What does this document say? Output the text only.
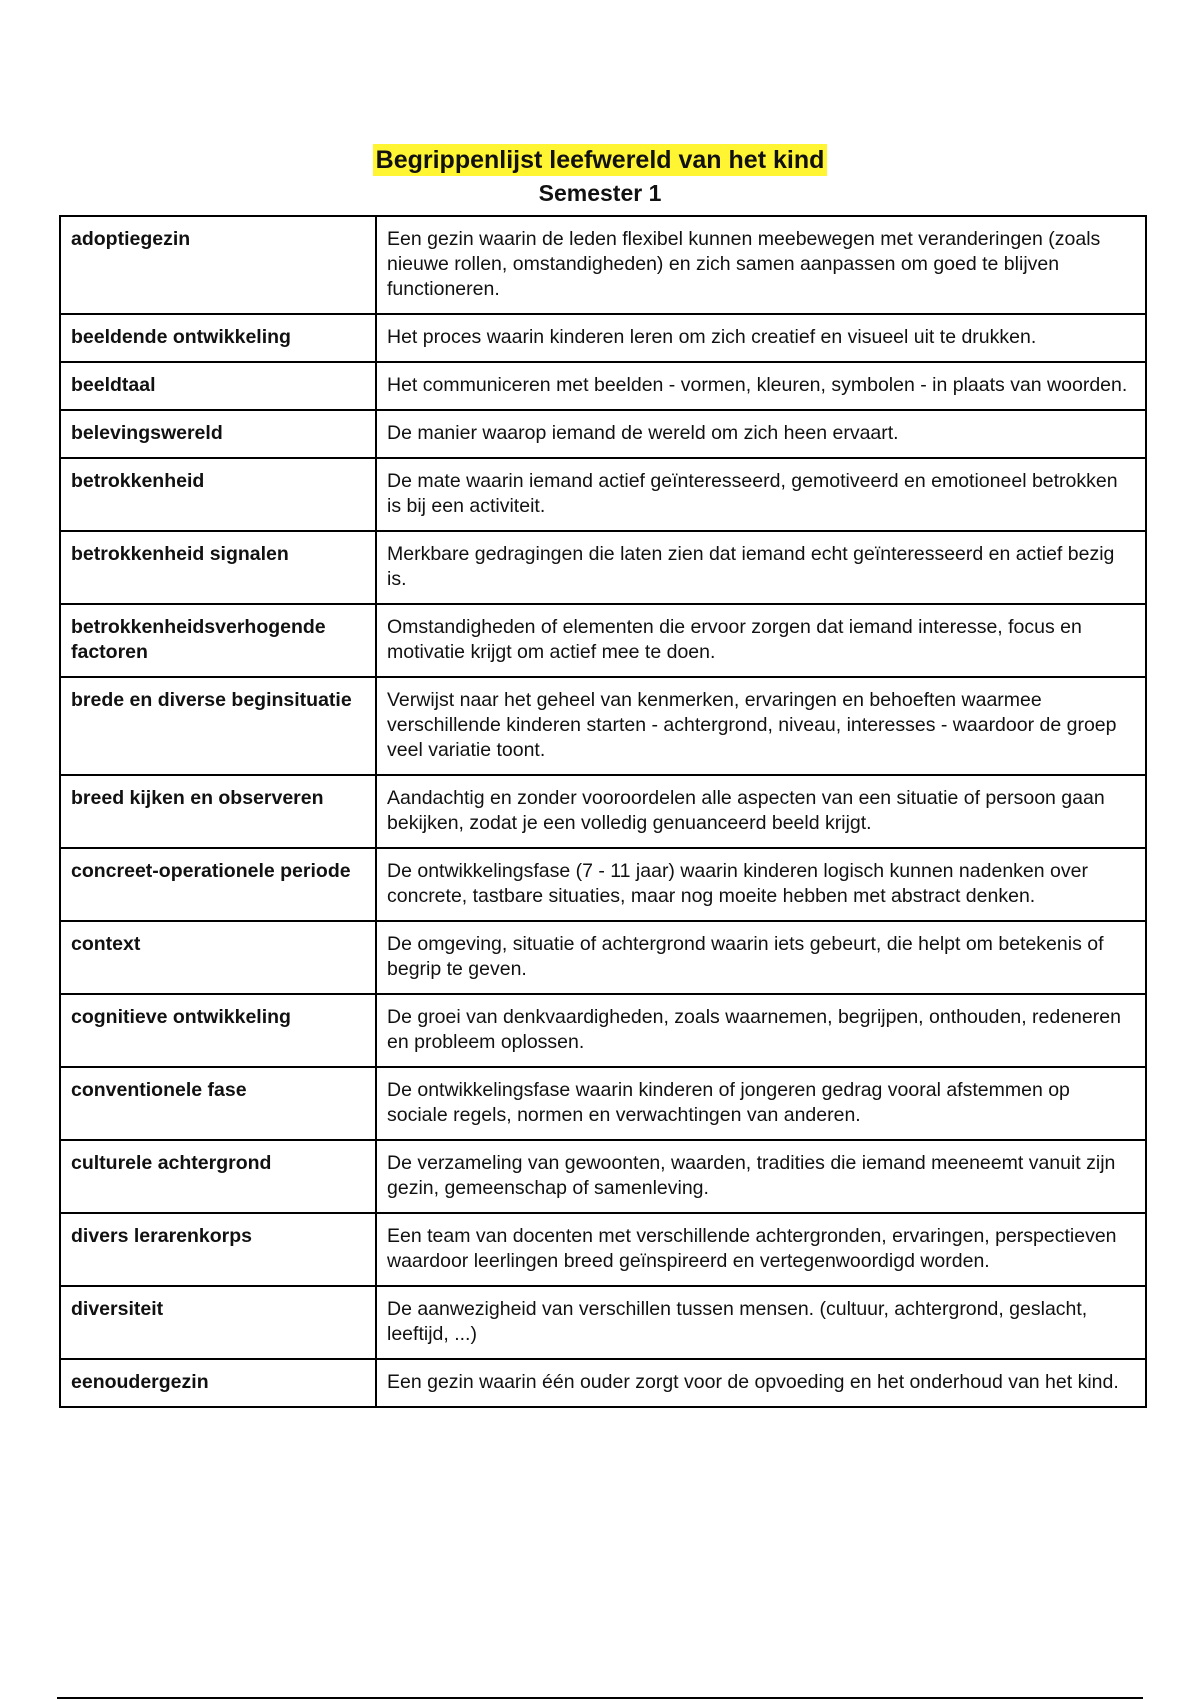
Begrippenlijst leefwereld van het kind
Semester 1
adoptiegezin	Een gezin waarin de leden flexibel kunnen meebewegen met veranderingen (zoals nieuwe rollen, omstandigheden) en zich samen aanpassen om goed te blijven functioneren.
beeldende ontwikkeling	Het proces waarin kinderen leren om zich creatief en visueel uit te drukken.
beeldtaal	Het communiceren met beelden - vormen, kleuren, symbolen - in plaats van woorden.
belevingswereld	De manier waarop iemand de wereld om zich heen ervaart.
betrokkenheid	De mate waarin iemand actief geïnteresseerd, gemotiveerd en emotioneel betrokken is bij een activiteit.
betrokkenheid signalen	Merkbare gedragingen die laten zien dat iemand echt geïnteresseerd en actief bezig is.
betrokkenheidsverhogende factoren	Omstandigheden of elementen die ervoor zorgen dat iemand interesse, focus en motivatie krijgt om actief mee te doen.
brede en diverse beginsituatie	Verwijst naar het geheel van kenmerken, ervaringen en behoeften waarmee verschillende kinderen starten - achtergrond, niveau, interesses - waardoor de groep veel variatie toont.
breed kijken en observeren	Aandachtig en zonder vooroordelen alle aspecten van een situatie of persoon gaan bekijken, zodat je een volledig genuanceerd beeld krijgt.
concreet-operationele periode	De ontwikkelingsfase (7 - 11 jaar) waarin kinderen logisch kunnen nadenken over concrete, tastbare situaties, maar nog moeite hebben met abstract denken.
context	De omgeving, situatie of achtergrond waarin iets gebeurt, die helpt om betekenis of begrip te geven.
cognitieve ontwikkeling	De groei van denkvaardigheden, zoals waarnemen, begrijpen, onthouden, redeneren en probleem oplossen.
conventionele fase	De ontwikkelingsfase waarin kinderen of jongeren gedrag vooral afstemmen op sociale regels, normen en verwachtingen van anderen.
culturele achtergrond	De verzameling van gewoonten, waarden, tradities die iemand meeneemt vanuit zijn gezin, gemeenschap of samenleving.
divers lerarenkorps	Een team van docenten met verschillende achtergronden, ervaringen, perspectieven waardoor leerlingen breed geïnspireerd en vertegenwoordigd worden.
diversiteit	De aanwezigheid van verschillen tussen mensen. (cultuur, achtergrond, geslacht, leeftijd, ...)
eenoudergezin	Een gezin waarin één ouder zorgt voor de opvoeding en het onderhoud van het kind.
